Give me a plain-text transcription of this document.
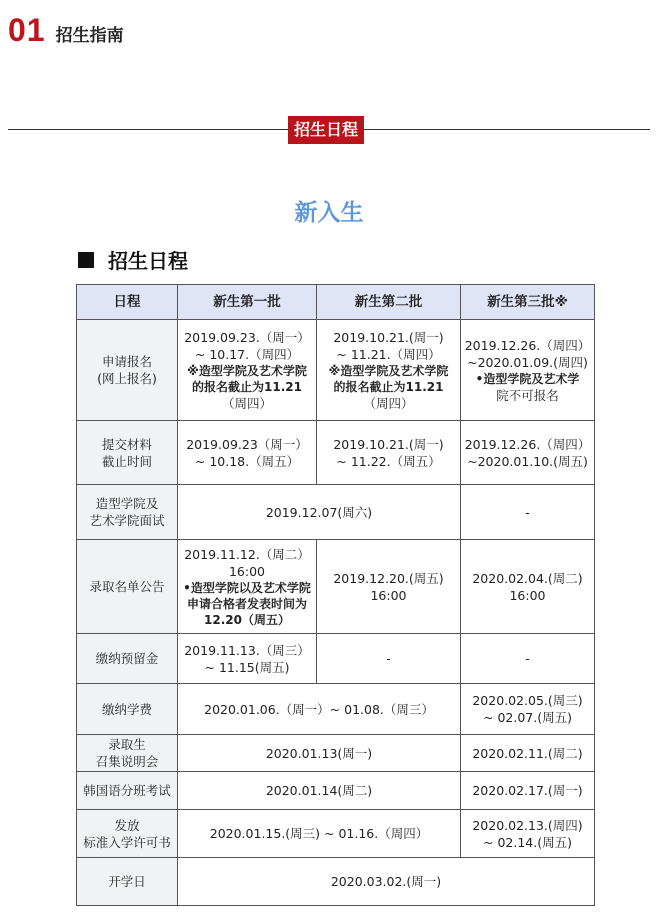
01 招生指南
招生日程
新入生
招生日程
日程	新生第一批	新生第二批	新生第三批※

申请报名
(网上报名)	2019.09.23.（周一）
~ 10.17.（周四）
※造型学院及艺术学院
的报名截止为11.21
（周四）	2019.10.21.(周一)
~ 11.21.（周四）
※造型学院及艺术学院
的报名截止为11.21
（周四）	2019.12.26.（周四）
~2020.01.09.(周四)
•造型学院及艺术学
院不可报名

提交材料
截止时间	2019.09.23（周一）
~ 10.18.（周五）	2019.10.21.(周一)
~ 11.22.（周五）	2019.12.26.（周四）
~2020.01.10.(周五)

造型学院及
艺术学院面试	2019.12.07(周六)		-
录取名单公告	2019.11.12.（周二）
16:00
•造型学院以及艺术学院
申请合格者发表时间为
12.20（周五）	2019.12.20.(周五)
16:00	2020.02.04.(周二)
16:00

缴纳预留金	2019.11.13.（周三）
~ 11.15(周五)	-	-
缴纳学费	2020.01.06.（周一）~ 01.08.（周三）		2020.02.05.(周三)
~ 02.07.(周五)

录取生
召集说明会	2020.01.13(周一)		2020.02.11.(周二)
韩国语分班考试	2020.01.14(周二)		2020.02.17.(周一)

发放
标准入学许可书	2020.01.15.(周三) ~ 01.16.（周四）		2020.02.13.(周四)
~ 02.14.(周五)

开学日	2020.03.02.(周一)		
